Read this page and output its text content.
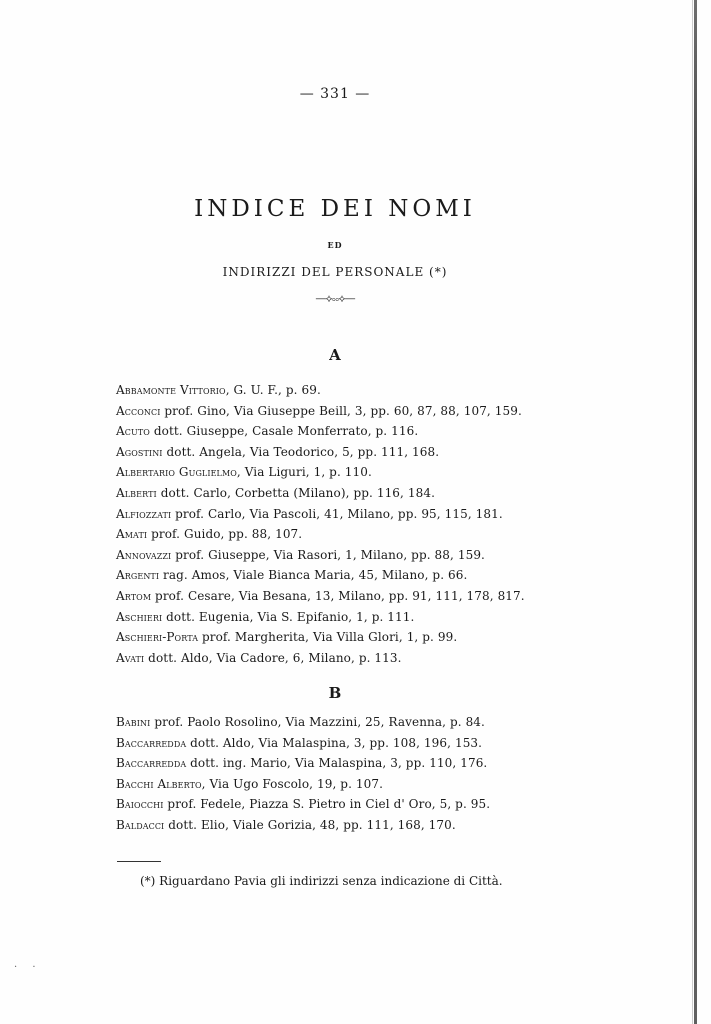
· ·
— 331 —
INDICE DEI NOMI
ED
INDIRIZZI DEL PERSONALE (*)
—⟡⸰⸰⟡—
A
Abbamonte Vittorio, G. U. F., p. 69.
Acconci prof. Gino, Via Giuseppe Beill, 3, pp. 60, 87, 88, 107, 159.
Acuto dott. Giuseppe, Casale Monferrato, p. 116.
Agostini dott. Angela, Via Teodorico, 5, pp. 111, 168.
Albertario Guglielmo, Via Liguri, 1, p. 110.
Alberti dott. Carlo, Corbetta (Milano), pp. 116, 184.
Alfiozzati prof. Carlo, Via Pascoli, 41, Milano, pp. 95, 115, 181.
Amati prof. Guido, pp. 88, 107.
Annovazzi prof. Giuseppe, Via Rasori, 1, Milano, pp. 88, 159.
Argenti rag. Amos, Viale Bianca Maria, 45, Milano, p. 66.
Artom prof. Cesare, Via Besana, 13, Milano, pp. 91, 111, 178, 817.
Aschieri dott. Eugenia, Via S. Epifanio, 1, p. 111.
Aschieri-Porta prof. Margherita, Via Villa Glori, 1, p. 99.
Avati dott. Aldo, Via Cadore, 6, Milano, p. 113.
B
Babini prof. Paolo Rosolino, Via Mazzini, 25, Ravenna, p. 84.
Baccarredda dott. Aldo, Via Malaspina, 3, pp. 108, 196, 153.
Baccarredda dott. ing. Mario, Via Malaspina, 3, pp. 110, 176.
Bacchi Alberto, Via Ugo Foscolo, 19, p. 107.
Baiocchi prof. Fedele, Piazza S. Pietro in Ciel d' Oro, 5, p. 95.
Baldacci dott. Elio, Viale Gorizia, 48, pp. 111, 168, 170.
(*) Riguardano Pavia gli indirizzi senza indicazione di Città.
